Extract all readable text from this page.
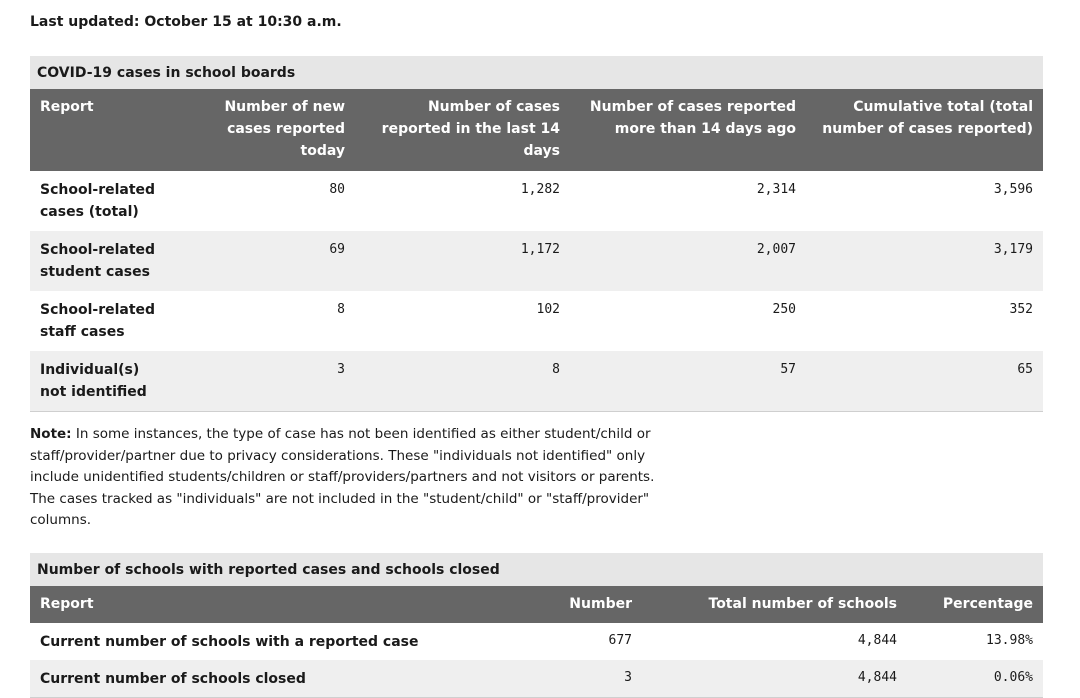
Last updated: October 15 at 10:30 a.m.

COVID-19 cases in school boards
Report	Number of new cases reported today	Number of cases reported in the last 14 days	Number of cases reported more than 14 days ago	Cumulative total (total number of cases reported)
School-related cases (total)	80	1,282	2,314	3,596
School-related student cases	69	1,172	2,007	3,179
School-related staff cases	8	102	250	352
Individual(s) not identified	3	8	57	65

Note: In some instances, the type of case has not been identified as either student/child or staff/provider/partner due to privacy considerations. These "individuals not identified" only include unidentified students/children or staff/providers/partners and not visitors or parents. The cases tracked as "individuals" are not included in the "student/child" or "staff/provider" columns.

Number of schools with reported cases and schools closed
Report	Number	Total number of schools	Percentage
Current number of schools with a reported case	677	4,844	13.98%
Current number of schools closed	3	4,844	0.06%
